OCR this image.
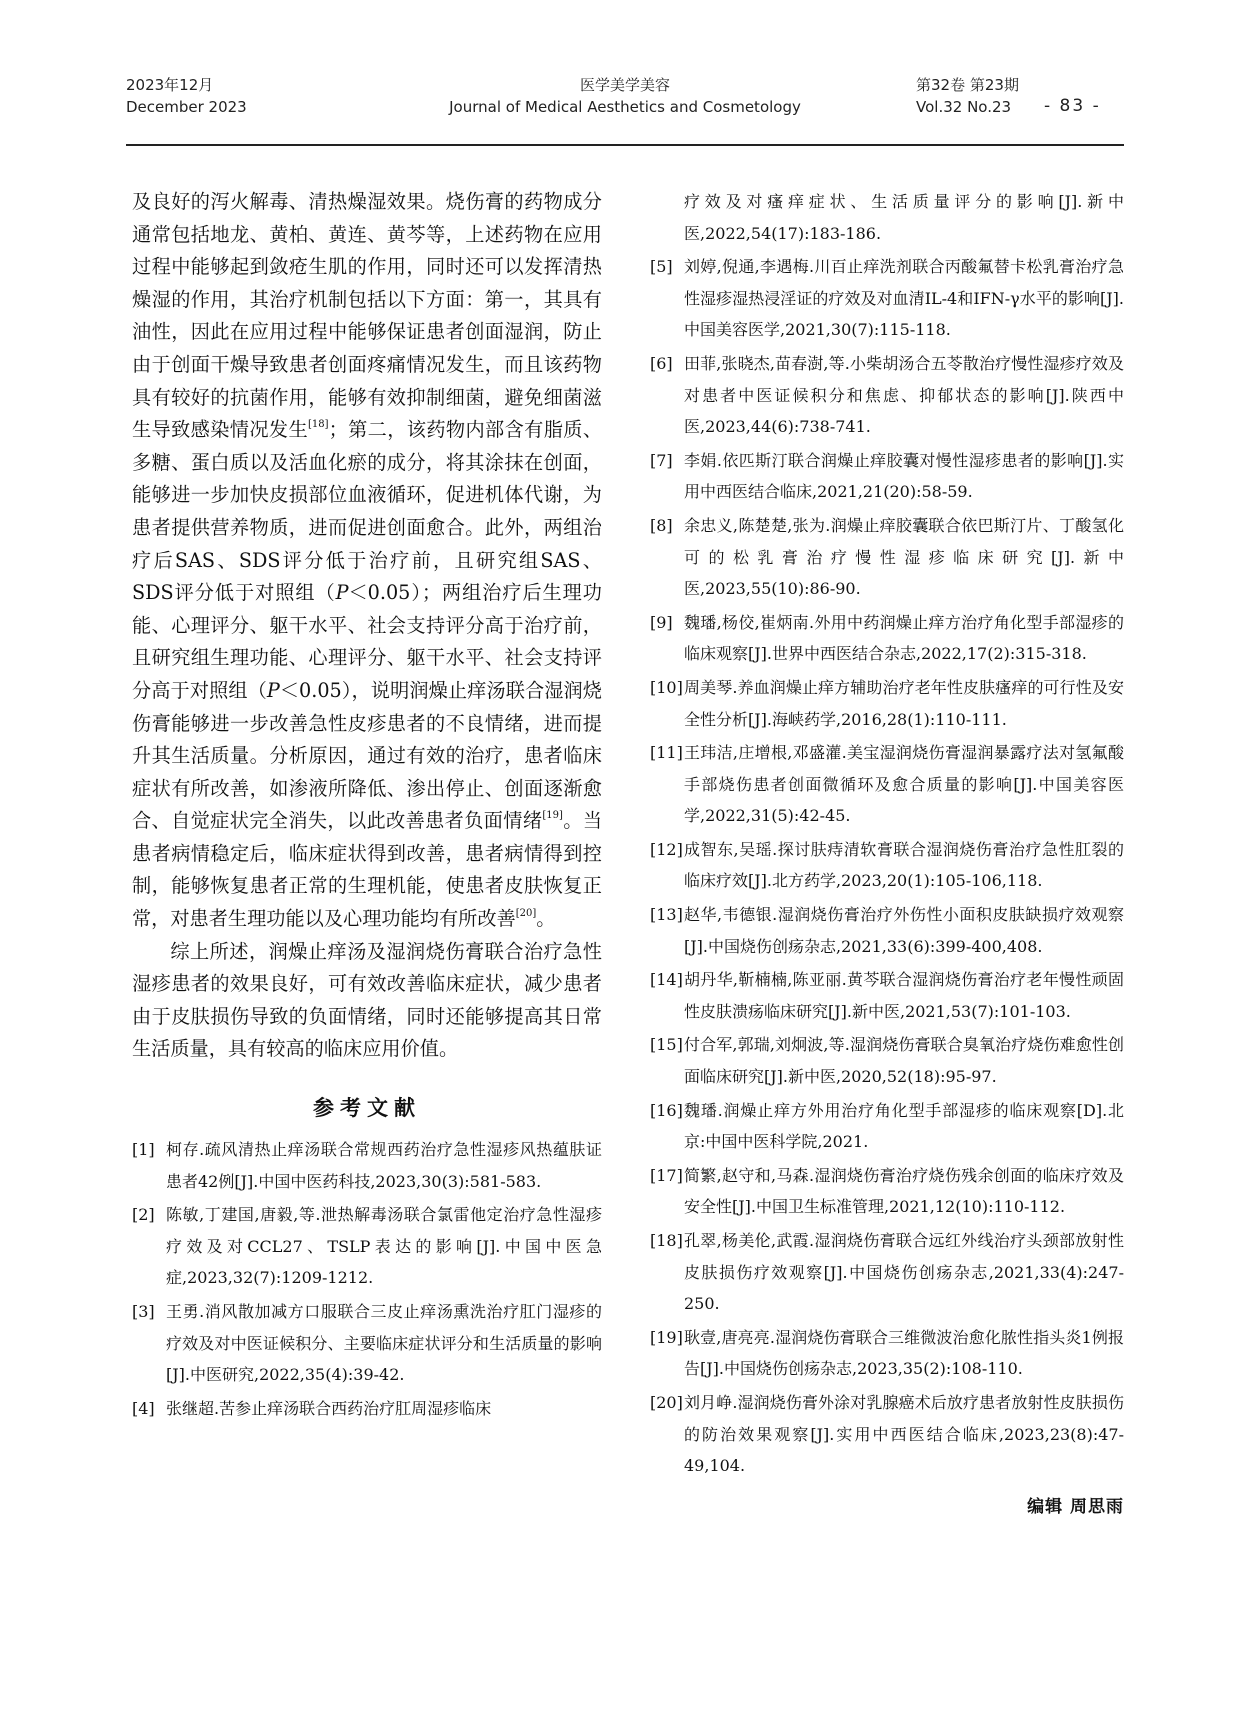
2023年12月
December 2023
医学美学美容
Journal of Medical Aesthetics and Cosmetology
第32卷 第23期
Vol.32 No.23	- 83 -

及良好的泻火解毒、清热燥湿效果。烧伤膏的药物成分通常包括地龙、黄柏、黄连、黄芩等，上述药物在应用过程中能够起到敛疮生肌的作用，同时还可以发挥清热燥湿的作用，其治疗机制包括以下方面：第一，其具有油性，因此在应用过程中能够保证患者创面湿润，防止由于创面干燥导致患者创面疼痛情况发生，而且该药物具有较好的抗菌作用，能够有效抑制细菌，避免细菌滋生导致感染情况发生[18]；第二，该药物内部含有脂质、多糖、蛋白质以及活血化瘀的成分，将其涂抹在创面，能够进一步加快皮损部位血液循环，促进机体代谢，为患者提供营养物质，进而促进创面愈合。此外，两组治疗后SAS、SDS评分低于治疗前，且研究组SAS、SDS评分低于对照组（P＜0.05）；两组治疗后生理功能、心理评分、躯干水平、社会支持评分高于治疗前，且研究组生理功能、心理评分、躯干水平、社会支持评分高于对照组（P＜0.05），说明润燥止痒汤联合湿润烧伤膏能够进一步改善急性皮疹患者的不良情绪，进而提升其生活质量。分析原因，通过有效的治疗，患者临床症状有所改善，如渗液所降低、渗出停止、创面逐渐愈合、自觉症状完全消失，以此改善患者负面情绪[19]。当患者病情稳定后，临床症状得到改善，患者病情得到控制，能够恢复患者正常的生理机能，使患者皮肤恢复正常，对患者生理功能以及心理功能均有所改善[20]。

综上所述，润燥止痒汤及湿润烧伤膏联合治疗急性湿疹患者的效果良好，可有效改善临床症状，减少患者由于皮肤损伤导致的负面情绪，同时还能够提高其日常生活质量，具有较高的临床应用价值。

参考文献
[1] 柯存.疏风清热止痒汤联合常规西药治疗急性湿疹风热蕴肤证患者42例[J].中国中医药科技,2023,30(3):581-583.
[2] 陈敏,丁建国,唐毅,等.泄热解毒汤联合氯雷他定治疗急性湿疹疗效及对CCL27、TSLP表达的影响[J].中国中医急症,2023,32(7):1209-1212.
[3] 王勇.消风散加减方口服联合三皮止痒汤熏洗治疗肛门湿疹的疗效及对中医证候积分、主要临床症状评分和生活质量的影响[J].中医研究,2022,35(4):39-42.
[4] 张继超.苦参止痒汤联合西药治疗肛周湿疹临床
疗效及对瘙痒症状、生活质量评分的影响[J].新中医,2022,54(17):183-186.
[5] 刘婷,倪通,李遇梅.川百止痒洗剂联合丙酸氟替卡松乳膏治疗急性湿疹湿热浸淫证的疗效及对血清IL-4和IFN-γ水平的影响[J].中国美容医学,2021,30(7):115-118.
[6] 田菲,张晓杰,苗春澍,等.小柴胡汤合五苓散治疗慢性湿疹疗效及对患者中医证候积分和焦虑、抑郁状态的影响[J].陕西中医,2023,44(6):738-741.
[7] 李娟.依匹斯汀联合润燥止痒胶囊对慢性湿疹患者的影响[J].实用中西医结合临床,2021,21(20):58-59.
[8] 余忠义,陈楚楚,张为.润燥止痒胶囊联合依巴斯汀片、丁酸氢化可的松乳膏治疗慢性湿疹临床研究[J].新中医,2023,55(10):86-90.
[9] 魏璠,杨佼,崔炳南.外用中药润燥止痒方治疗角化型手部湿疹的临床观察[J].世界中西医结合杂志,2022,17(2):315-318.
[10] 周美琴.养血润燥止痒方辅助治疗老年性皮肤瘙痒的可行性及安全性分析[J].海峡药学,2016,28(1):110-111.
[11] 王玮洁,庄增根,邓盛灌.美宝湿润烧伤膏湿润暴露疗法对氢氟酸手部烧伤患者创面微循环及愈合质量的影响[J].中国美容医学,2022,31(5):42-45.
[12] 成智东,吴瑶.探讨肤痔清软膏联合湿润烧伤膏治疗急性肛裂的临床疗效[J].北方药学,2023,20(1):105-106,118.
[13] 赵华,韦德银.湿润烧伤膏治疗外伤性小面积皮肤缺损疗效观察[J].中国烧伤创疡杂志,2021,33(6):399-400,408.
[14] 胡丹华,靳楠楠,陈亚丽.黄芩联合湿润烧伤膏治疗老年慢性顽固性皮肤溃疡临床研究[J].新中医,2021,53(7):101-103.
[15] 付合军,郭瑞,刘炯波,等.湿润烧伤膏联合臭氧治疗烧伤难愈性创面临床研究[J].新中医,2020,52(18):95-97.
[16] 魏璠.润燥止痒方外用治疗角化型手部湿疹的临床观察[D].北京:中国中医科学院,2021.
[17] 简繁,赵守和,马森.湿润烧伤膏治疗烧伤残余创面的临床疗效及安全性[J].中国卫生标准管理,2021,12(10):110-112.
[18] 孔翠,杨美伦,武霞.湿润烧伤膏联合远红外线治疗头颈部放射性皮肤损伤疗效观察[J].中国烧伤创疡杂志,2021,33(4):247-250.
[19] 耿壹,唐亮亮.湿润烧伤膏联合三维微波治愈化脓性指头炎1例报告[J].中国烧伤创疡杂志,2023,35(2):108-110.
[20] 刘月峥.湿润烧伤膏外涂对乳腺癌术后放疗患者放射性皮肤损伤的防治效果观察[J].实用中西医结合临床,2023,23(8):47-49,104.
编辑 周思雨
